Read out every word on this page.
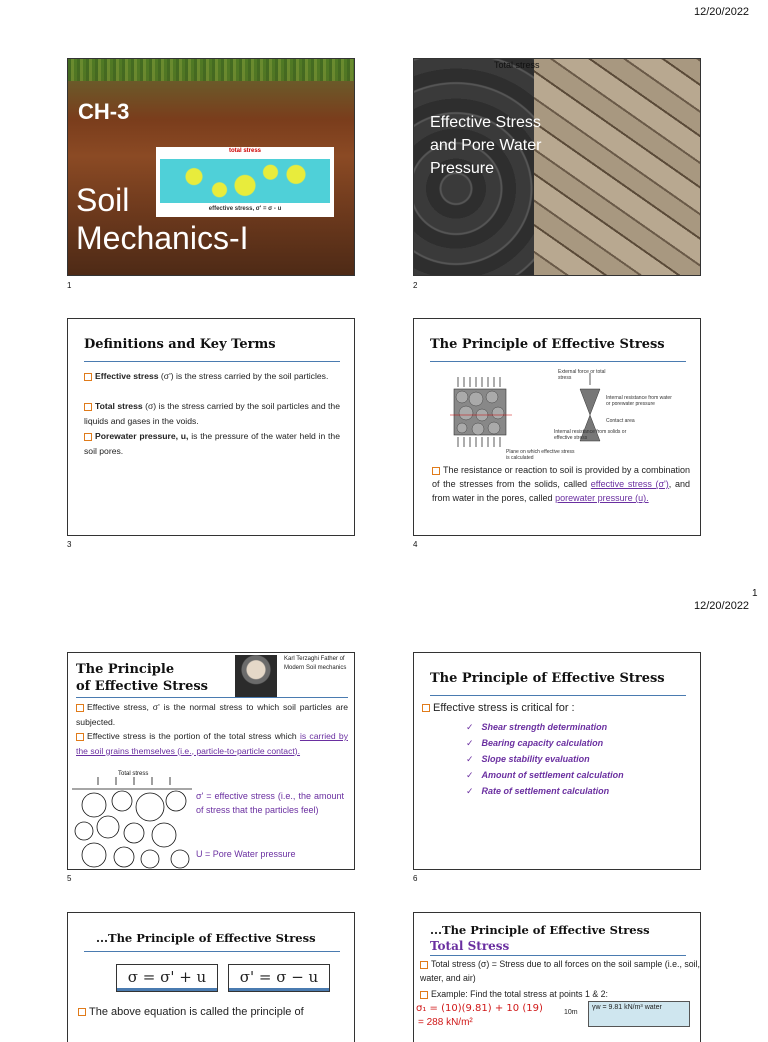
12/20/2022
1
12/20/2022
CH-3
total stress
effective stress, σ' = σ - u
Soil
Mechanics-I
1
Total stress
Effective Stress and Pore Water Pressure
2
Definitions and Key Terms
Effective stress (σ') is the stress carried by the soil particles.
Total stress (σ) is the stress carried by the soil particles and the liquids and gases in the voids.
Porewater pressure, u, is the pressure of the water held in the soil pores.
3
The Principle of Effective Stress
External force or total stress
Internal resistance from water or porewater pressure
Contact area
Internal resistance from solids or effective stress
Plane on which effective stress is calculated
The resistance or reaction to soil is provided by a combination of the stresses from the solids, called effective stress (σ'), and from water in the pores, called porewater pressure (u).
4
The Principle
of Effective Stress
Karl Terzaghi Father of Modern Soil mechanics
Effective stress, σ' is the normal stress to which soil particles are subjected.
Effective stress is the portion of the total stress which is carried by the soil grains themselves (i.e., particle-to-particle contact).
Total stress
σ' = effective stress (i.e., the amount of stress that the particles feel)
U = Pore Water pressure
5
The Principle of Effective Stress
Effective stress is critical for :
✓ Shear strength determination
✓ Bearing capacity calculation
✓ Slope stability evaluation
✓ Amount of settlement calculation
✓ Rate of settlement calculation
6
...The Principle of Effective Stress
σ = σ' + u	σ' = σ − u
The above equation is called the principle of
...The Principle of Effective Stress
Total Stress
Total stress (σ) = Stress due to all forces on the soil sample (i.e., soil, water, and air)
Example: Find the total stress at points 1 & 2:
σ₁ = (10)(9.81) + 10 (19)
= 288 kN/m²
10m
γw = 9.81 kN/m³ water
